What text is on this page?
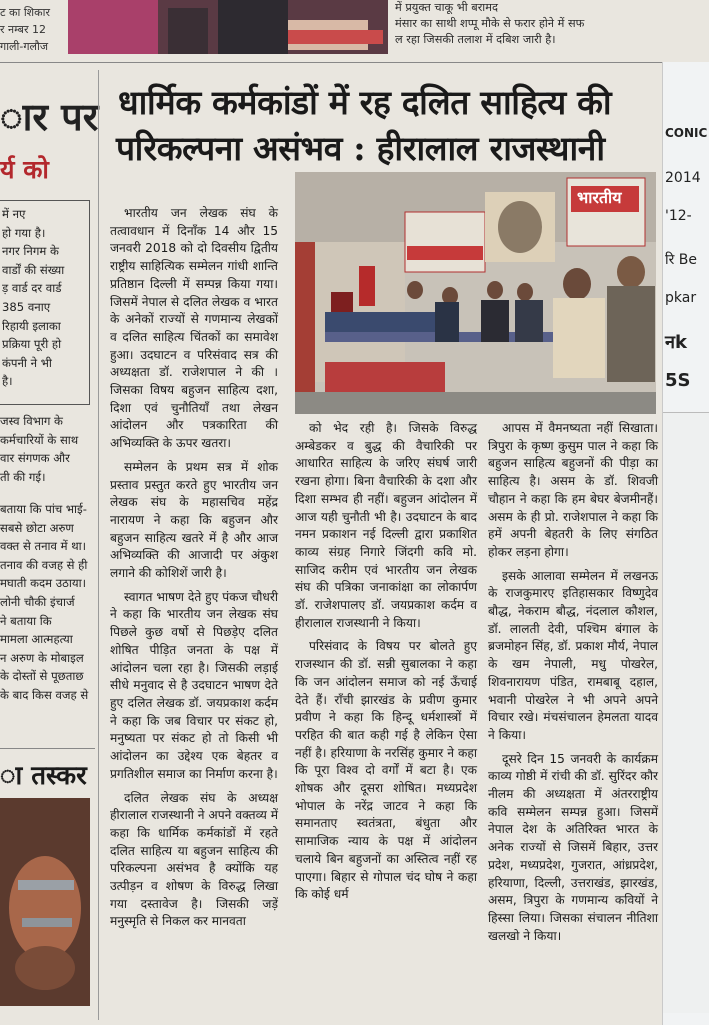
ट का शिकार
र नम्बर 12
गाली-गलौज
में प्रयुक्त चाकू भी बरामद
मंसार का साथी शप्पू मौके से फरार होने में सफ
ल रहा जिसकी तलाश में दबिश जारी है।
ार पर
र्य को
में नए
हो गया है।
नगर निगम के
वार्डों की संख्या
ड़ वार्ड दर वार्ड
385 वनाए
रिहायी इलाका
प्रक्रिया पूरी हो
कंपनी ने भी
है।
जस्व विभाग के
कर्मचारियों के साथ
वार संगणक और
ती की गई।
बताया कि पांच भाई-
सबसे छोटा अरुण
वक्त से तनाव में था।
तनाव की वजह से ही
मघाती कदम उठाया।
लोनी चौकी इंचार्ज
ने बताया कि
मामला आत्महत्या
न अरुण के मोबाइल
के दोस्तों से पूछताछ
के बाद किस वजह से
ा तस्कर
CONIC
2014
'12-
रि Be
pkar
नk
5S
धार्मिक कर्मकांडों में रह दलित साहित्य की
परिकल्पना असंभव : हीरालाल राजस्थानी
भारतीय

भारतीय जन लेखक संघ के तत्वावधान में दिनाँक 14 और 15 जनवरी 2018 को दो दिवसीय द्वितीय राष्ट्रीय साहित्यिक सम्मेलन गांधी शान्ति प्रतिष्ठान दिल्ली में सम्पन्न किया गया। जिसमें नेपाल से दलित लेखक व भारत के अनेकों राज्यों से गणमान्य लेखकों व दलित साहित्य चिंतकों का समावेश हुआ। उदघाटन व परिसंवाद सत्र की अध्यक्षता डॉ. राजेशपाल ने की । जिसका विषय बहुजन साहित्य दशा, दिशा एवं चुनौतियाँ तथा लेखन आंदोलन और पत्रकारिता की अभिव्यक्ति के ऊपर खतरा।

सम्मेलन के प्रथम सत्र में शोक प्रस्ताव प्रस्तुत करते हुए भारतीय जन लेखक संघ के महासचिव महेंद्र नारायण ने कहा कि बहुजन और बहुजन साहित्य खतरे में है और आज अभिव्यक्ति की आजादी पर अंकुश लगाने की कोशिशें जारी है।

स्वागत भाषण देते हुए पंकज चौधरी ने कहा कि भारतीय जन लेखक संघ पिछले कुछ वर्षो से पिछड़ेए दलित शोषित पीड़ित जनता के पक्ष में आंदोलन चला रहा है। जिसकी लड़ाई सीधे मनुवाद से है उदघाटन भाषण देते हुए दलित लेखक डॉ. जयप्रकाश कर्दम ने कहा कि जब विचार पर संकट हो, मनुष्यता पर संकट हो तो किसी भी आंदोलन का उद्देश्य एक बेहतर व प्रगतिशील समाज का निर्माण करना है।

दलित लेखक संघ के अध्यक्ष हीरालाल राजस्थानी ने अपने वक्तव्य में कहा कि धार्मिक कर्मकांडों में रहते दलित साहित्य या बहुजन साहित्य की परिकल्पना असंभव है क्योंकि यह उत्पीड़न व शोषण के विरुद्ध लिखा गया दस्तावेज है। जिसकी जड़ें मनुस्मृति से निकल कर मानवता

को भेद रही है। जिसके विरुद्ध अम्बेडकर व बुद्ध की वैचारिकी पर आधारित साहित्य के जरिए संघर्ष जारी रखना होगा। बिना वैचारिकी के दशा और दिशा सम्भव ही नहीं। बहुजन आंदोलन में आज यही चुनौती भी है। उदघाटन के बाद नमन प्रकाशन नई दिल्ली द्वारा प्रकाशित काव्य संग्रह निगारे जिंदगी कवि मो. साजिद करीम एवं भारतीय जन लेखक संघ की पत्रिका जनाकांक्षा का लोकार्पण डॉ. राजेशपालए डॉ. जयप्रकाश कर्दम व हीरालाल राजस्थानी ने किया।

परिसंवाद के विषय पर बोलते हुए राजस्थान की डॉ. सन्नी सुबालका ने कहा कि जन आंदोलन समाज को नई ऊँचाई देते हैं। राँची झारखंड के प्रवीण कुमार प्रवीण ने कहा कि हिन्दू धर्मशास्त्रों में परहित की बात कही गई है लेकिन ऐसा नहीं है। हरियाणा के नरसिंह कुमार ने कहा कि पूरा विश्व दो वर्गों में बटा है। एक शोषक और दूसरा शोषित। मध्यप्रदेश भोपाल के नरेंद्र जाटव ने कहा कि समानताए स्वतंत्रता, बंधुता और सामाजिक न्याय के पक्ष में आंदोलन चलाये बिन बहुजनों का अस्तित्व नहीं रह पाएगा। बिहार से गोपाल चंद घोष ने कहा कि कोई धर्म

आपस में वैमनष्यता नहीं सिखाता। त्रिपुरा के कृष्ण कुसुम पाल ने कहा कि बहुजन साहित्य बहुजनों की पीड़ा का साहित्य है। असम के डॉ. शिवजी चौहान ने कहा कि हम बेघर बेजमीनहैं। असम के ही प्रो. राजेशपाल ने कहा कि हमें अपनी बेहतरी के लिए संगठित होकर लड़ना होगा।

इसके आलावा सम्मेलन में लखनऊ के राजकुमारए इतिहासकार विष्णुदेव बौद्ध, नेकराम बौद्ध, नंदलाल कौशल, डॉ. लालती देवी, पश्चिम बंगाल के ब्रजमोहन सिंह, डॉ. प्रकाश मौर्य, नेपाल के खम नेपाली, मधु पोखरेल, शिवनारायण पंडित, रामबाबू दहाल, भवानी पोखरेल ने भी अपने अपने विचार रखे। मंचसंचालन हेमलता यादव ने किया।

दूसरे दिन 15 जनवरी के कार्यक्रम काव्य गोष्ठी में रांची की डॉ. सुरिंदर कौर नीलम की अध्यक्षता में अंतरराष्ट्रीय कवि सम्मेलन सम्पन्न हुआ। जिसमें नेपाल देश के अतिरिक्त भारत के अनेक राज्यों से जिसमें बिहार, उत्तर प्रदेश, मध्यप्रदेश, गुजरात, आंध्रप्रदेश, हरियाणा, दिल्ली, उत्तराखंड, झारखंड, असम, त्रिपुरा के गणमान्य कवियों ने हिस्सा लिया। जिसका संचालन नीतिशा खलखो ने किया।
